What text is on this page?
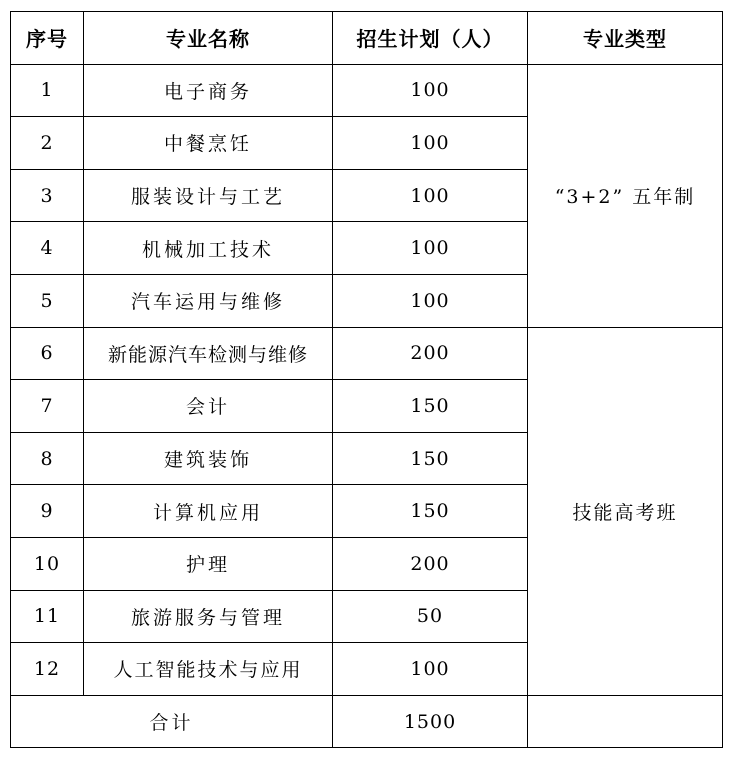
序号	专业名称	招生计划（人）	专业类型
1	电子商务	100	“3+2” 五年制
2	中餐烹饪	100	
3	服装设计与工艺	100	
4	机械加工技术	100	
5	汽车运用与维修	100	
6	新能源汽车检测与维修	200	技能高考班
7	会计	150	
8	建筑装饰	150	
9	计算机应用	150	
10	护理	200	
11	旅游服务与管理	50	
12	人工智能技术与应用	100	
合计		1500	
